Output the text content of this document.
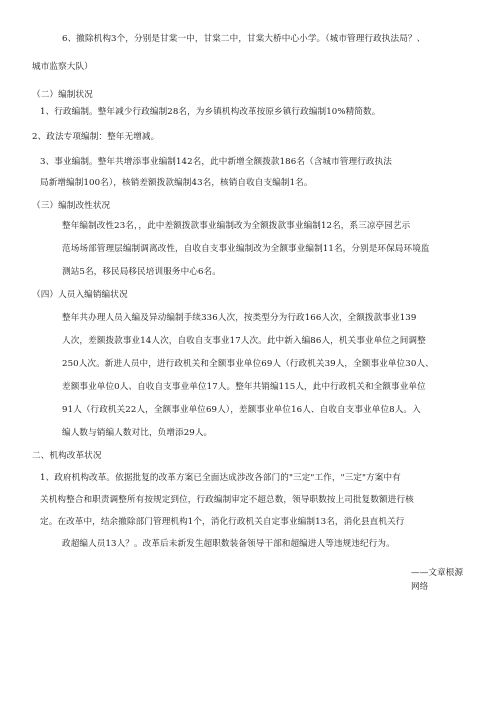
6、撤除机构3个，分别是甘棠一中，甘棠二中，甘棠大桥中心小学。（城市管理行政执法局？、
城市监察大队）
（二）编制状况
1、行政编制。整年减少行政编制28名，为乡镇机构改革按原乡镇行政编制10%精简数。
2、政法专项编制：整年无增减。
3、事业编制。整年共增添事业编制142名，此中新增全额拨款186名（含城市管理行政执法
局新增编制100名），核销差额拨款编制43名，核销自收自支编制1名。
（三）编制改性状况
整年编制改性23名，，此中差额拨款事业编制改为全额拨款事业编制12名，系三凉亭园艺示
范场场部管理层编制调离改性，自收自支事业编制改为全额事业编制11名，分别是环保局环境监
测站5名，移民局移民培训服务中心6名。
（四）人员入编销编状况
整年共办理人员入编及异动编制手续336人次，按类型分为行政166人次，全额拨款事业139
人次，差额拨款事业14人次，自收自支事业17人次。此中新入编86人，机关事业单位之间调整
250人次。新进人员中，进行政机关和全额事业单位69人（行政机关39人，全额事业单位30人、
差额事业单位0人、自收自支事业单位17人。整年共销编115人，此中行政机关和全额事业单位
91人（行政机关22人，全额事业单位69人），差额事业单位16人、自收自支事业单位8人。入
编人数与销编人数对比，负增添29人。
二、机构改革状况
1、政府机构改革。依据批复的改革方案已全面达成涉改各部门的"三定"工作，"三定"方案中有
关机构整合和职责调整所有按规定到位，行政编制审定不超总数，领导职数按上司批复数额进行核
定。在改革中，结余撤除部门管理机构1个，消化行政机关自定事业编制13名，消化县直机关行
政超编人员13人？。改革后未新发生超职数装备领导干部和超编进人等违规违纪行为。
——文章根源
网络
